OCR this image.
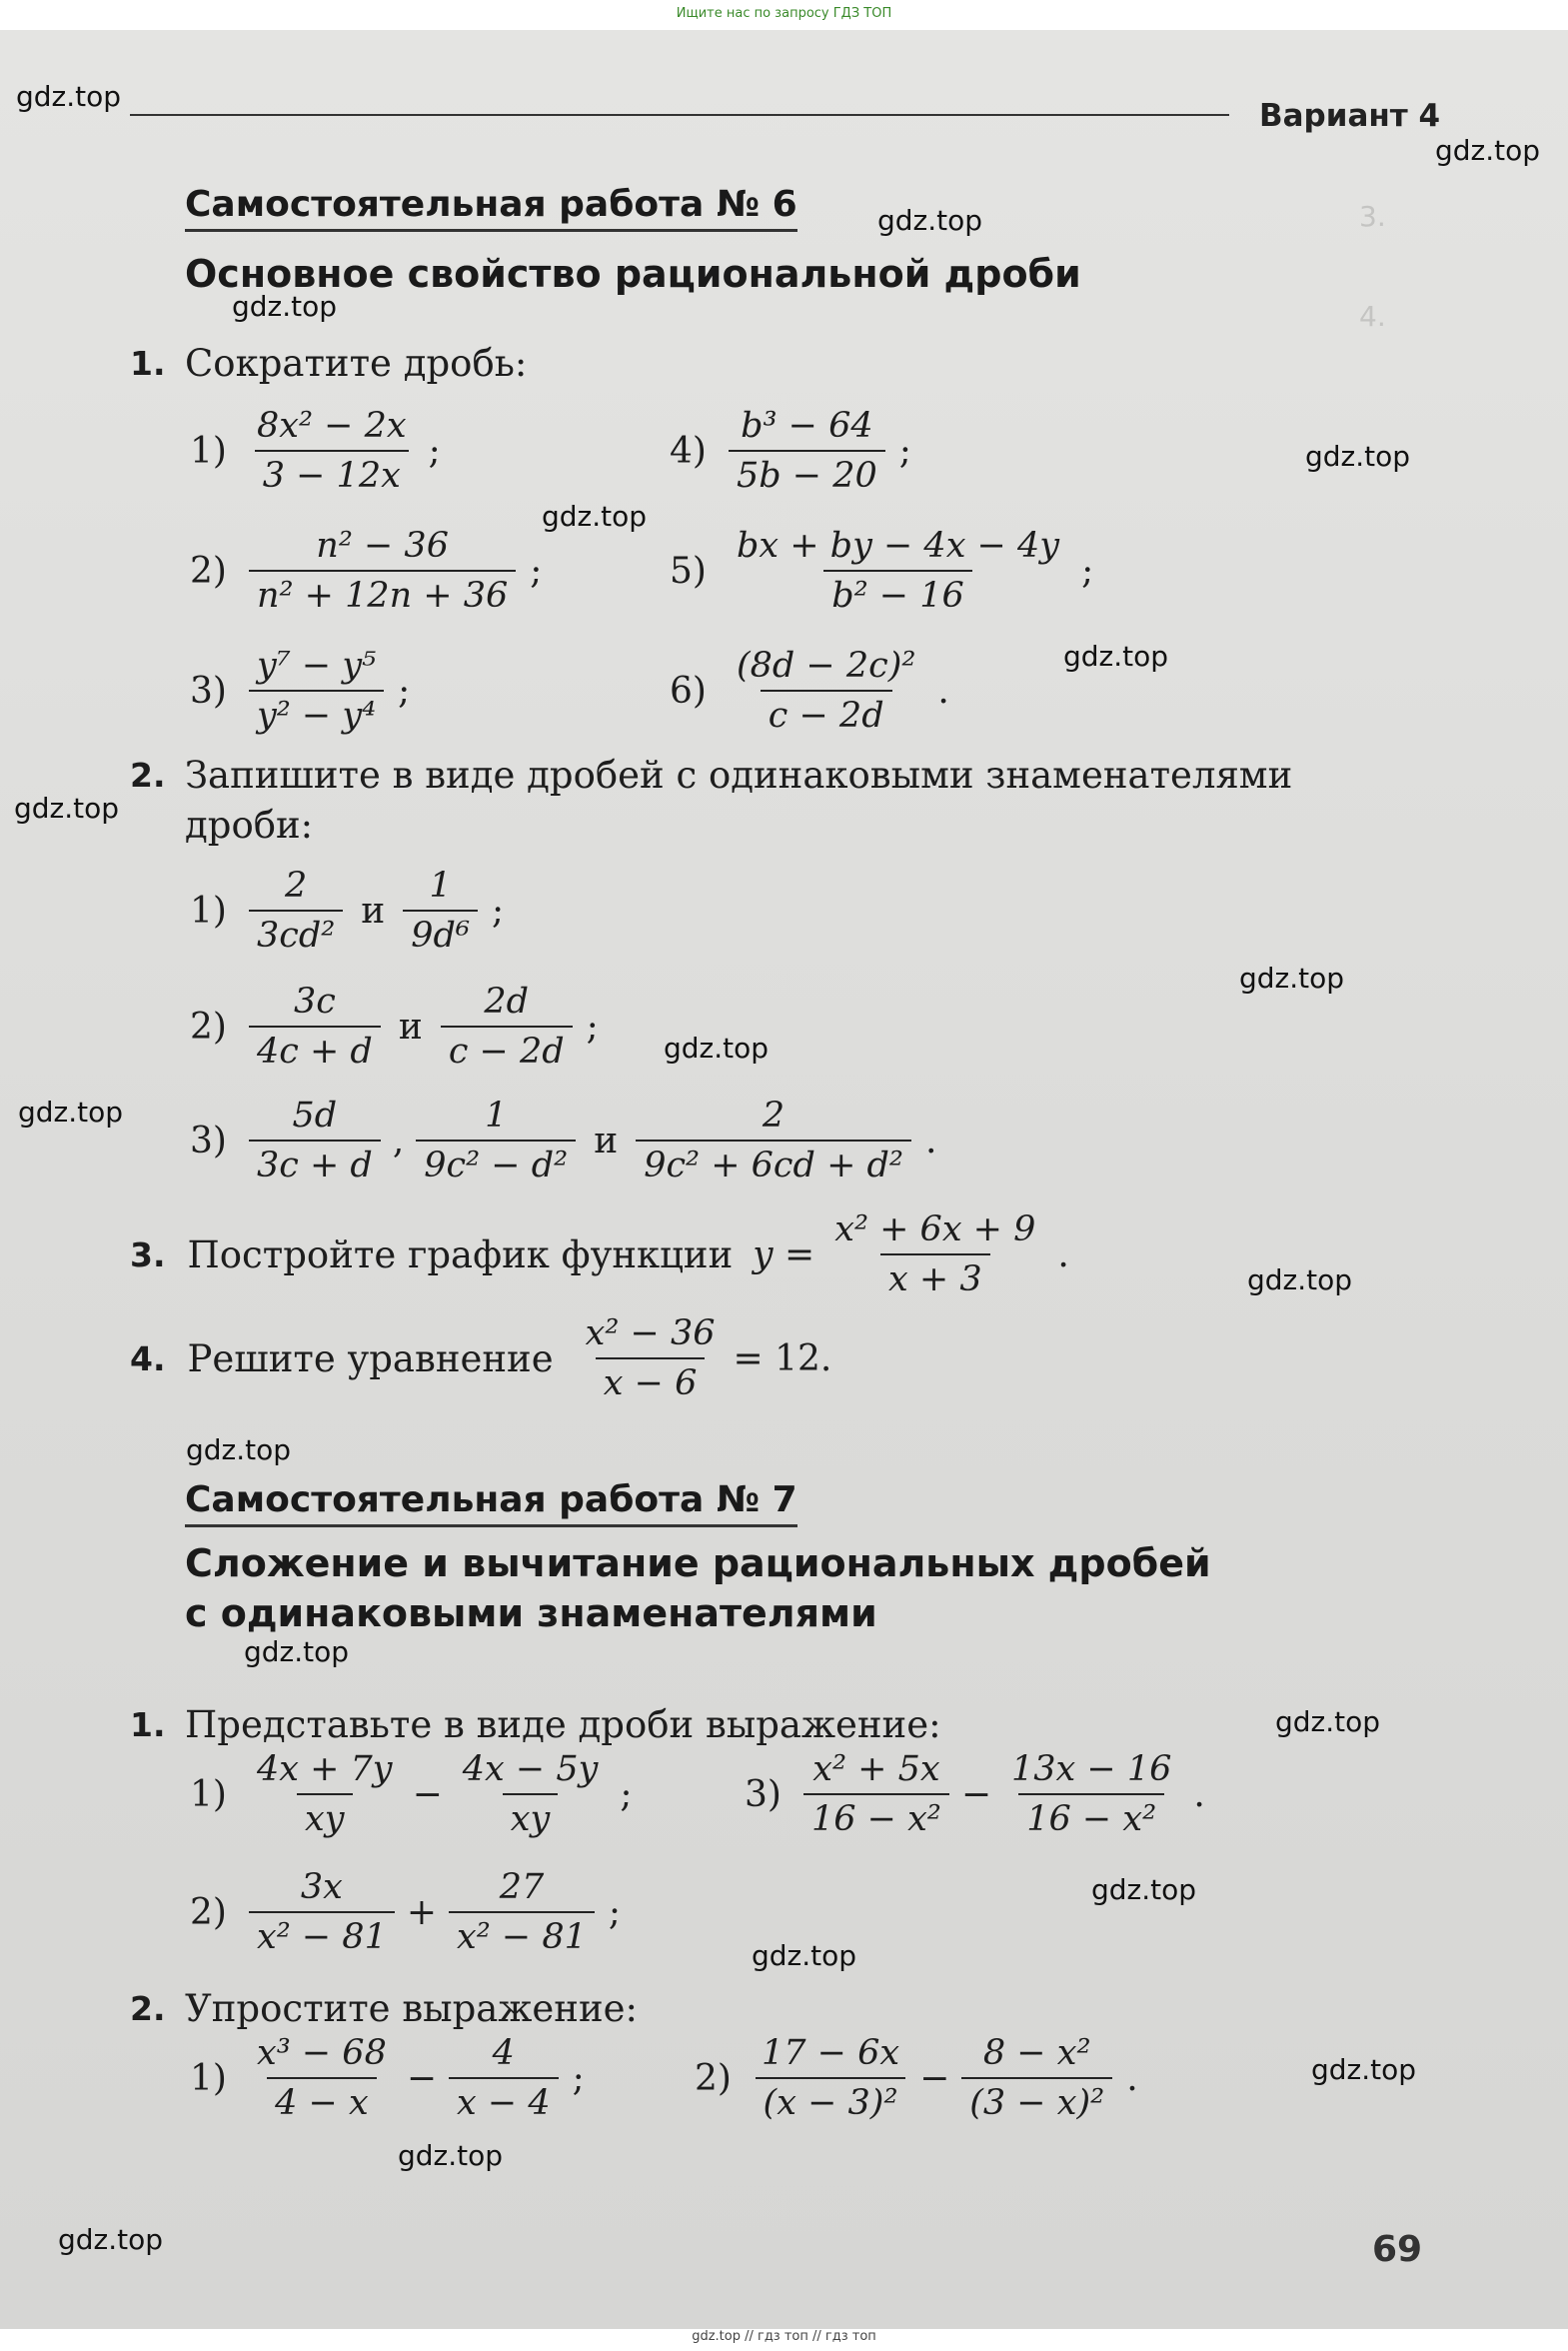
Ищите нас по запросу ГДЗ ТОП
3.
4.
Вариант 4
Самостоятельная работа № 6
Основное свойство рациональной дроби
1. Сократите дробь:
$1) \frac{\text{8x² − 2x}}{3 - 12x}$ ;	$4) \frac{\text{b³ − 64}}{5b - 20}$ ;
$2) \frac{\text{n² − 36}}{\text{n² + 12n + 36}}$ ;	$5) \frac{bx + by - 4x - 4y}{\text{b² − 16}}$ ;
$3) \frac{\text{y⁷ − y⁵}}{\text{y² − y⁴}}$ ;	$6) \frac{\text{(8d − 2c)²}}{c - 2d}$ .
2. Запишите в виде дробей с одинаковыми знаменателями
дроби:
$1) \frac{2}{\text{3cd²}}$ и $\frac{1}{\text{9d⁶}}$ ;
$2) \frac{3c}{4c + d}$ и $\frac{2d}{c - 2d}$ ;
$3) \frac{5d}{3c + d}$ , $\frac{1}{\text{9c² − d²}}$ и $\frac{2}{\text{9c² + 6cd + d²}}$ .
3. Постройте график функции $y = \frac{\text{x² + 6x + 9}}{x + 3}$ .
4. Решите уравнение $\frac{\text{x² − 36}}{x - 6} = 12$.
Самостоятельная работа № 7
Сложение и вычитание рациональных дробей
с одинаковыми знаменателями
1. Представьте в виде дроби выражение:
$1) \frac{4x + 7y}{xy} - \frac{4x - 5y}{xy}$ ;	$3) \frac{\text{x² + 5x}}{\text{16 − x²}} - \frac{13x - 16}{\text{16 − x²}}$ .
$2) \frac{3x}{\text{x² − 81}} + \frac{27}{\text{x² − 81}}$ ;
2. Упростите выражение:
$1) \frac{\text{x³ − 68}}{4 - x} - \frac{4}{x - 4}$ ;	$2) \frac{17 - 6x}{\text{(x − 3)²}} - \frac{\text{8 − x²}}{\text{(3 − x)²}}$ .
69
gdz.top
gdz.top
gdz.top
gdz.top
gdz.top
gdz.top
gdz.top
gdz.top
gdz.top
gdz.top
gdz.top
gdz.top
gdz.top
gdz.top
gdz.top
gdz.top
gdz.top
gdz.top
gdz.top
gdz.top
gdz.top // гдз топ // гдз топ
